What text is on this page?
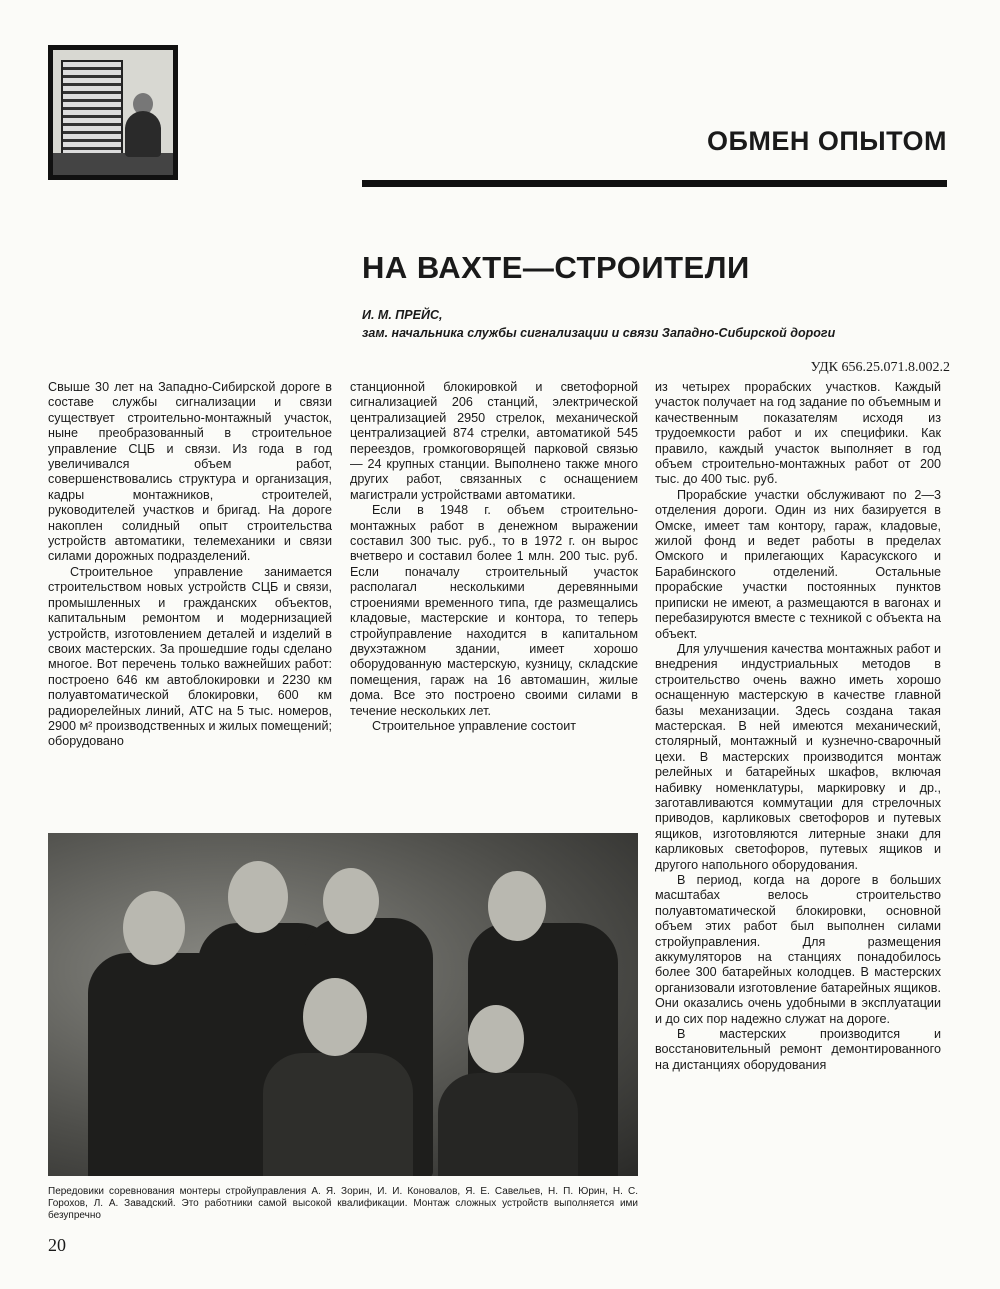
ОБМЕН ОПЫТОМ
НА ВАХТЕ—СТРОИТЕЛИ
И. М. ПРЕЙС,
зам. начальника службы сигнализации и связи Западно-Сибирской дороги
УДК 656.25.071.8.002.2

Свыше 30 лет на Западно-Сибирской дороге в составе службы сигнализации и связи существует строительно-монтажный участок, ныне преобразованный в строительное управление СЦБ и связи. Из года в год увеличивался объем работ, совершенствовались структура и организация, кадры монтажников, строителей, руководителей участков и бригад. На дороге накоплен солидный опыт строительства устройств автоматики, телемеханики и связи силами дорожных подразделений.

Строительное управление занимается строительством новых устройств СЦБ и связи, промышленных и гражданских объектов, капитальным ремонтом и модернизацией устройств, изготовлением деталей и изделий в своих мастерских. За прошедшие годы сделано многое. Вот перечень только важнейших работ: построено 646 км автоблокировки и 2230 км полуавтоматической блокировки, 600 км радиорелейных линий, АТС на 5 тыс. номеров, 2900 м² производственных и жилых помещений; оборудовано

станционной блокировкой и светофорной сигнализацией 206 станций, электрической централизацией 2950 стрелок, механической централизацией 874 стрелки, автоматикой 545 переездов, громкоговорящей парковой связью — 24 крупных станции. Выполнено также много других работ, связанных с оснащением магистрали устройствами автоматики.

Если в 1948 г. объем строительно-монтажных работ в денежном выражении составил 300 тыс. руб., то в 1972 г. он вырос вчетверо и составил более 1 млн. 200 тыс. руб. Если поначалу строительный участок располагал несколькими деревянными строениями временного типа, где размещались кладовые, мастерские и контора, то теперь стройуправление находится в капитальном двухэтажном здании, имеет хорошо оборудованную мастерскую, кузницу, складские помещения, гараж на 16 автомашин, жилые дома. Все это построено своими силами в течение нескольких лет.

Строительное управление состоит

из четырех прорабских участков. Каждый участок получает на год задание по объемным и качественным показателям исходя из трудоемкости работ и их специфики. Как правило, каждый участок выполняет в год объем строительно-монтажных работ от 200 тыс. до 400 тыс. руб.

Прорабские участки обслуживают по 2—3 отделения дороги. Один из них базируется в Омске, имеет там контору, гараж, кладовые, жилой фонд и ведет работы в пределах Омского и прилегающих Карасукского и Барабинского отделений. Остальные прорабские участки постоянных пунктов приписки не имеют, а размещаются в вагонах и перебазируются вместе с техникой с объекта на объект.

Для улучшения качества монтажных работ и внедрения индустриальных методов в строительство очень важно иметь хорошо оснащенную мастерскую в качестве главной базы механизации. Здесь создана такая мастерская. В ней имеются механический, столярный, монтажный и кузнечно-сварочный цехи. В мастерских производится монтаж релейных и батарейных шкафов, включая набивку номенклатуры, маркировку и др., заготавливаются коммутации для стрелочных приводов, карликовых светофоров и путевых ящиков, изготовляются литерные знаки для карликовых светофоров, путевых ящиков и другого напольного оборудования.

В период, когда на дороге в больших масштабах велось строительство полуавтоматической блокировки, основной объем этих работ был выполнен силами стройуправления. Для размещения аккумуляторов на станциях понадобилось более 300 батарейных колодцев. В мастерских организовали изготовление батарейных ящиков. Они оказались очень удобными в эксплуатации и до сих пор надежно служат на дороге.

В мастерских производится и восстановительный ремонт демонтированного на дистанциях оборудования

Передовики соревнования монтеры стройуправления А. Я. Зорин, И. И. Коновалов, Я. Е. Савельев, Н. П. Юрин, Н. С. Горохов, Л. А. Завадский. Это работники самой высокой квалификации. Монтаж сложных устройств выполняется ими безупречно
20
